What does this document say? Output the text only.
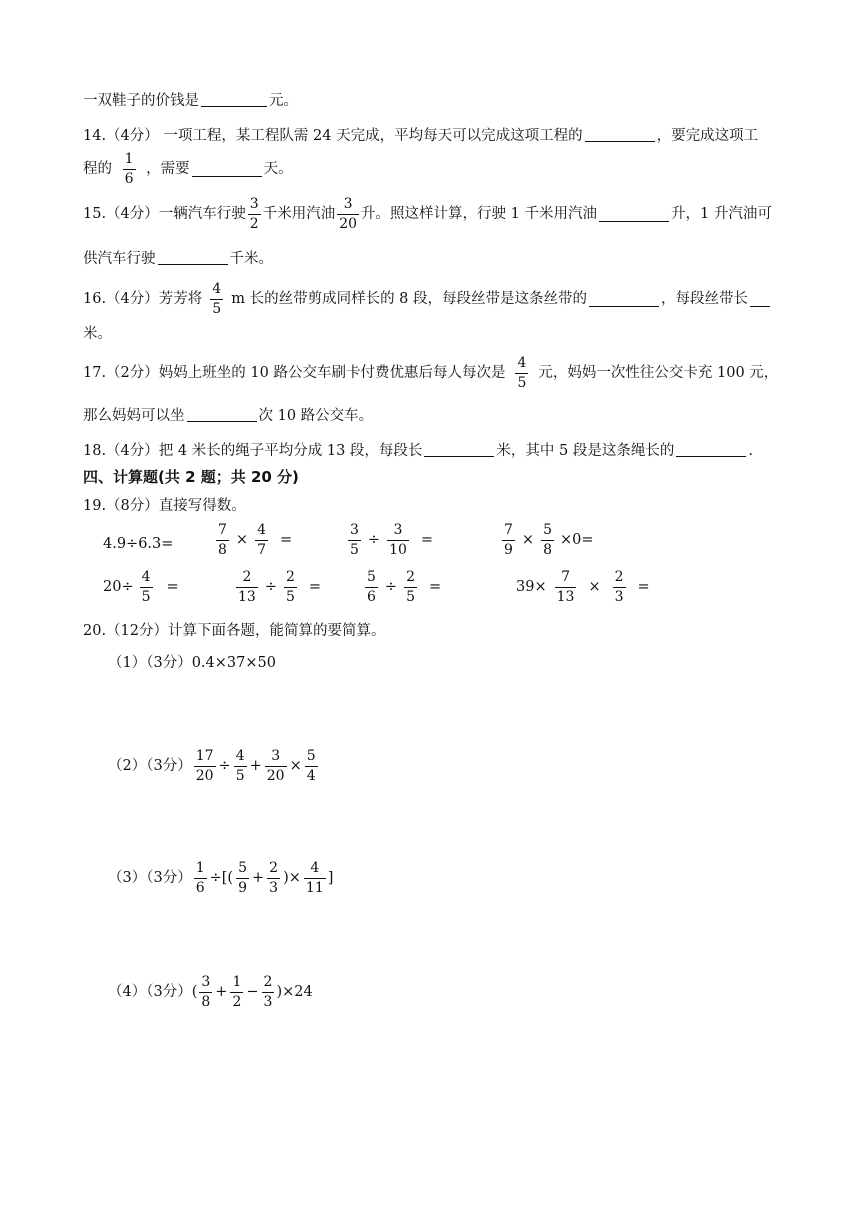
一双鞋子的价钱是	元。
14.（4分） 一项工程，某工程队需 24 天完成，平均每天可以完成这项工程的	，要完成这项工
程的 $\frac{1}{6}$ ，需要	天。
15.（4分）一辆汽车行驶 $\frac{3}{2}$ 千米用汽油 $\frac{3}{20}$ 升。照这样计算，行驶 1 千米用汽油	升，1 升汽油可
供汽车行驶	千米。
16.（4分）芳芳将 $\frac{4}{5}$ m 长的丝带剪成同样长的 8 段，每段丝带是这条丝带的	，每段丝带长
米。
17.（2分）妈妈上班坐的 10 路公交车刷卡付费优惠后每人每次是 $\frac{4}{5}$ 元，妈妈一次性往公交卡充 100 元，
那么妈妈可以坐	次 10 路公交车。
18.（4分）把 4 米长的绳子平均分成 13 段，每段长	米，其中 5 段是这条绳长的	.
四、计算题(共 2 题；共 20 分)
19.（8分）直接写得数。
4.9÷6.3=	$\frac{7}{8} \times \frac{4}{7}$ =	$\frac{3}{5} \div \frac{3}{10}$ =	$\frac{7}{9} \times \frac{5}{8} \times 0=$
$20\div \frac{4}{5}$ =	$\frac{2}{13} \div \frac{2}{5}$ =	$\frac{5}{6} \div \frac{2}{5}$ =	$39\times \frac{7}{13} \times \frac{2}{3}$ =
20.（12分）计算下面各题，能简算的要简算。
（1）（3分）0.4×37×50
（2）（3分） $\frac{17}{20} \div \frac{4}{5} + \frac{3}{20} \times \frac{5}{4}$
（3）（3分） $\frac{1}{6}$ ÷[( $\frac{5}{9} + \frac{2}{3}$ )× $\frac{4}{11}$ ]
（4）（3分）( $\frac{3}{8} + \frac{1}{2} - \frac{2}{3} )\times 24$
